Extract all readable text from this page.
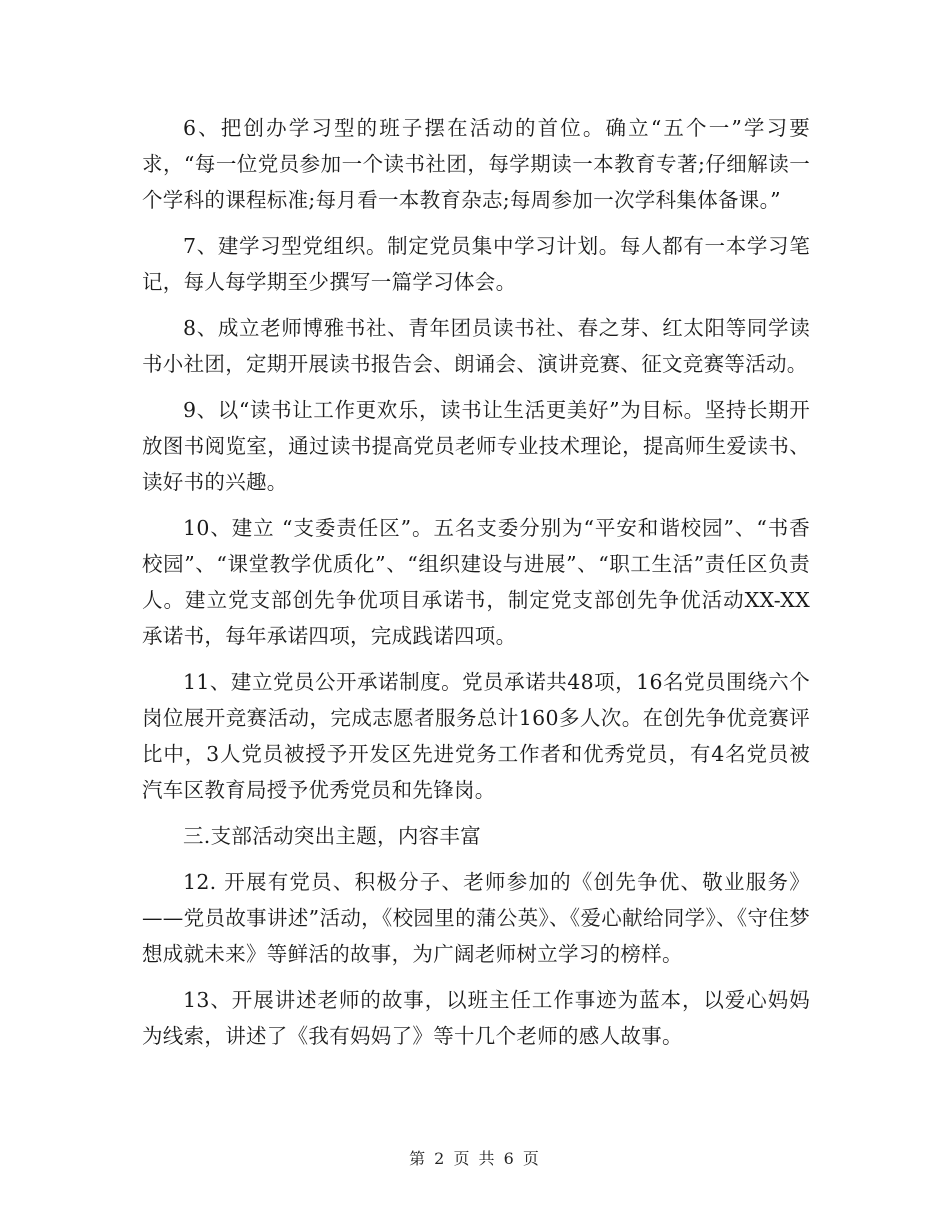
6、把创办学习型的班子摆在活动的首位。确立“五个一”学习要求，“每一位党员参加一个读书社团，每学期读一本教育专著;仔细解读一个学科的课程标准;每月看一本教育杂志;每周参加一次学科集体备课。”

7、建学习型党组织。制定党员集中学习计划。每人都有一本学习笔记，每人每学期至少撰写一篇学习体会。

8、成立老师博雅书社、青年团员读书社、春之芽、红太阳等同学读书小社团，定期开展读书报告会、朗诵会、演讲竞赛、征文竞赛等活动。

9、以“读书让工作更欢乐，读书让生活更美好”为目标。坚持长期开放图书阅览室，通过读书提高党员老师专业技术理论，提高师生爱读书、读好书的兴趣。

10、建立 “支委责任区”。五名支委分别为“平安和谐校园”、“书香校园”、“课堂教学优质化”、“组织建设与进展”、“职工生活”责任区负责人。建立党支部创先争优项目承诺书，制定党支部创先争优活动XX-XX承诺书，每年承诺四项，完成践诺四项。

11、建立党员公开承诺制度。党员承诺共48项，16名党员围绕六个岗位展开竞赛活动，完成志愿者服务总计160多人次。在创先争优竞赛评比中，3人党员被授予开发区先进党务工作者和优秀党员，有4名党员被汽车区教育局授予优秀党员和先锋岗。

三.支部活动突出主题，内容丰富

12. 开展有党员、积极分子、老师参加的《创先争优、敬业服务》——党员故事讲述”活动，《校园里的蒲公英》、《爱心献给同学》、《守住梦想成就未来》等鲜活的故事，为广阔老师树立学习的榜样。

13、开展讲述老师的故事，以班主任工作事迹为蓝本，以爱心妈妈为线索，讲述了《我有妈妈了》等十几个老师的感人故事。

第 2 页 共 6 页
